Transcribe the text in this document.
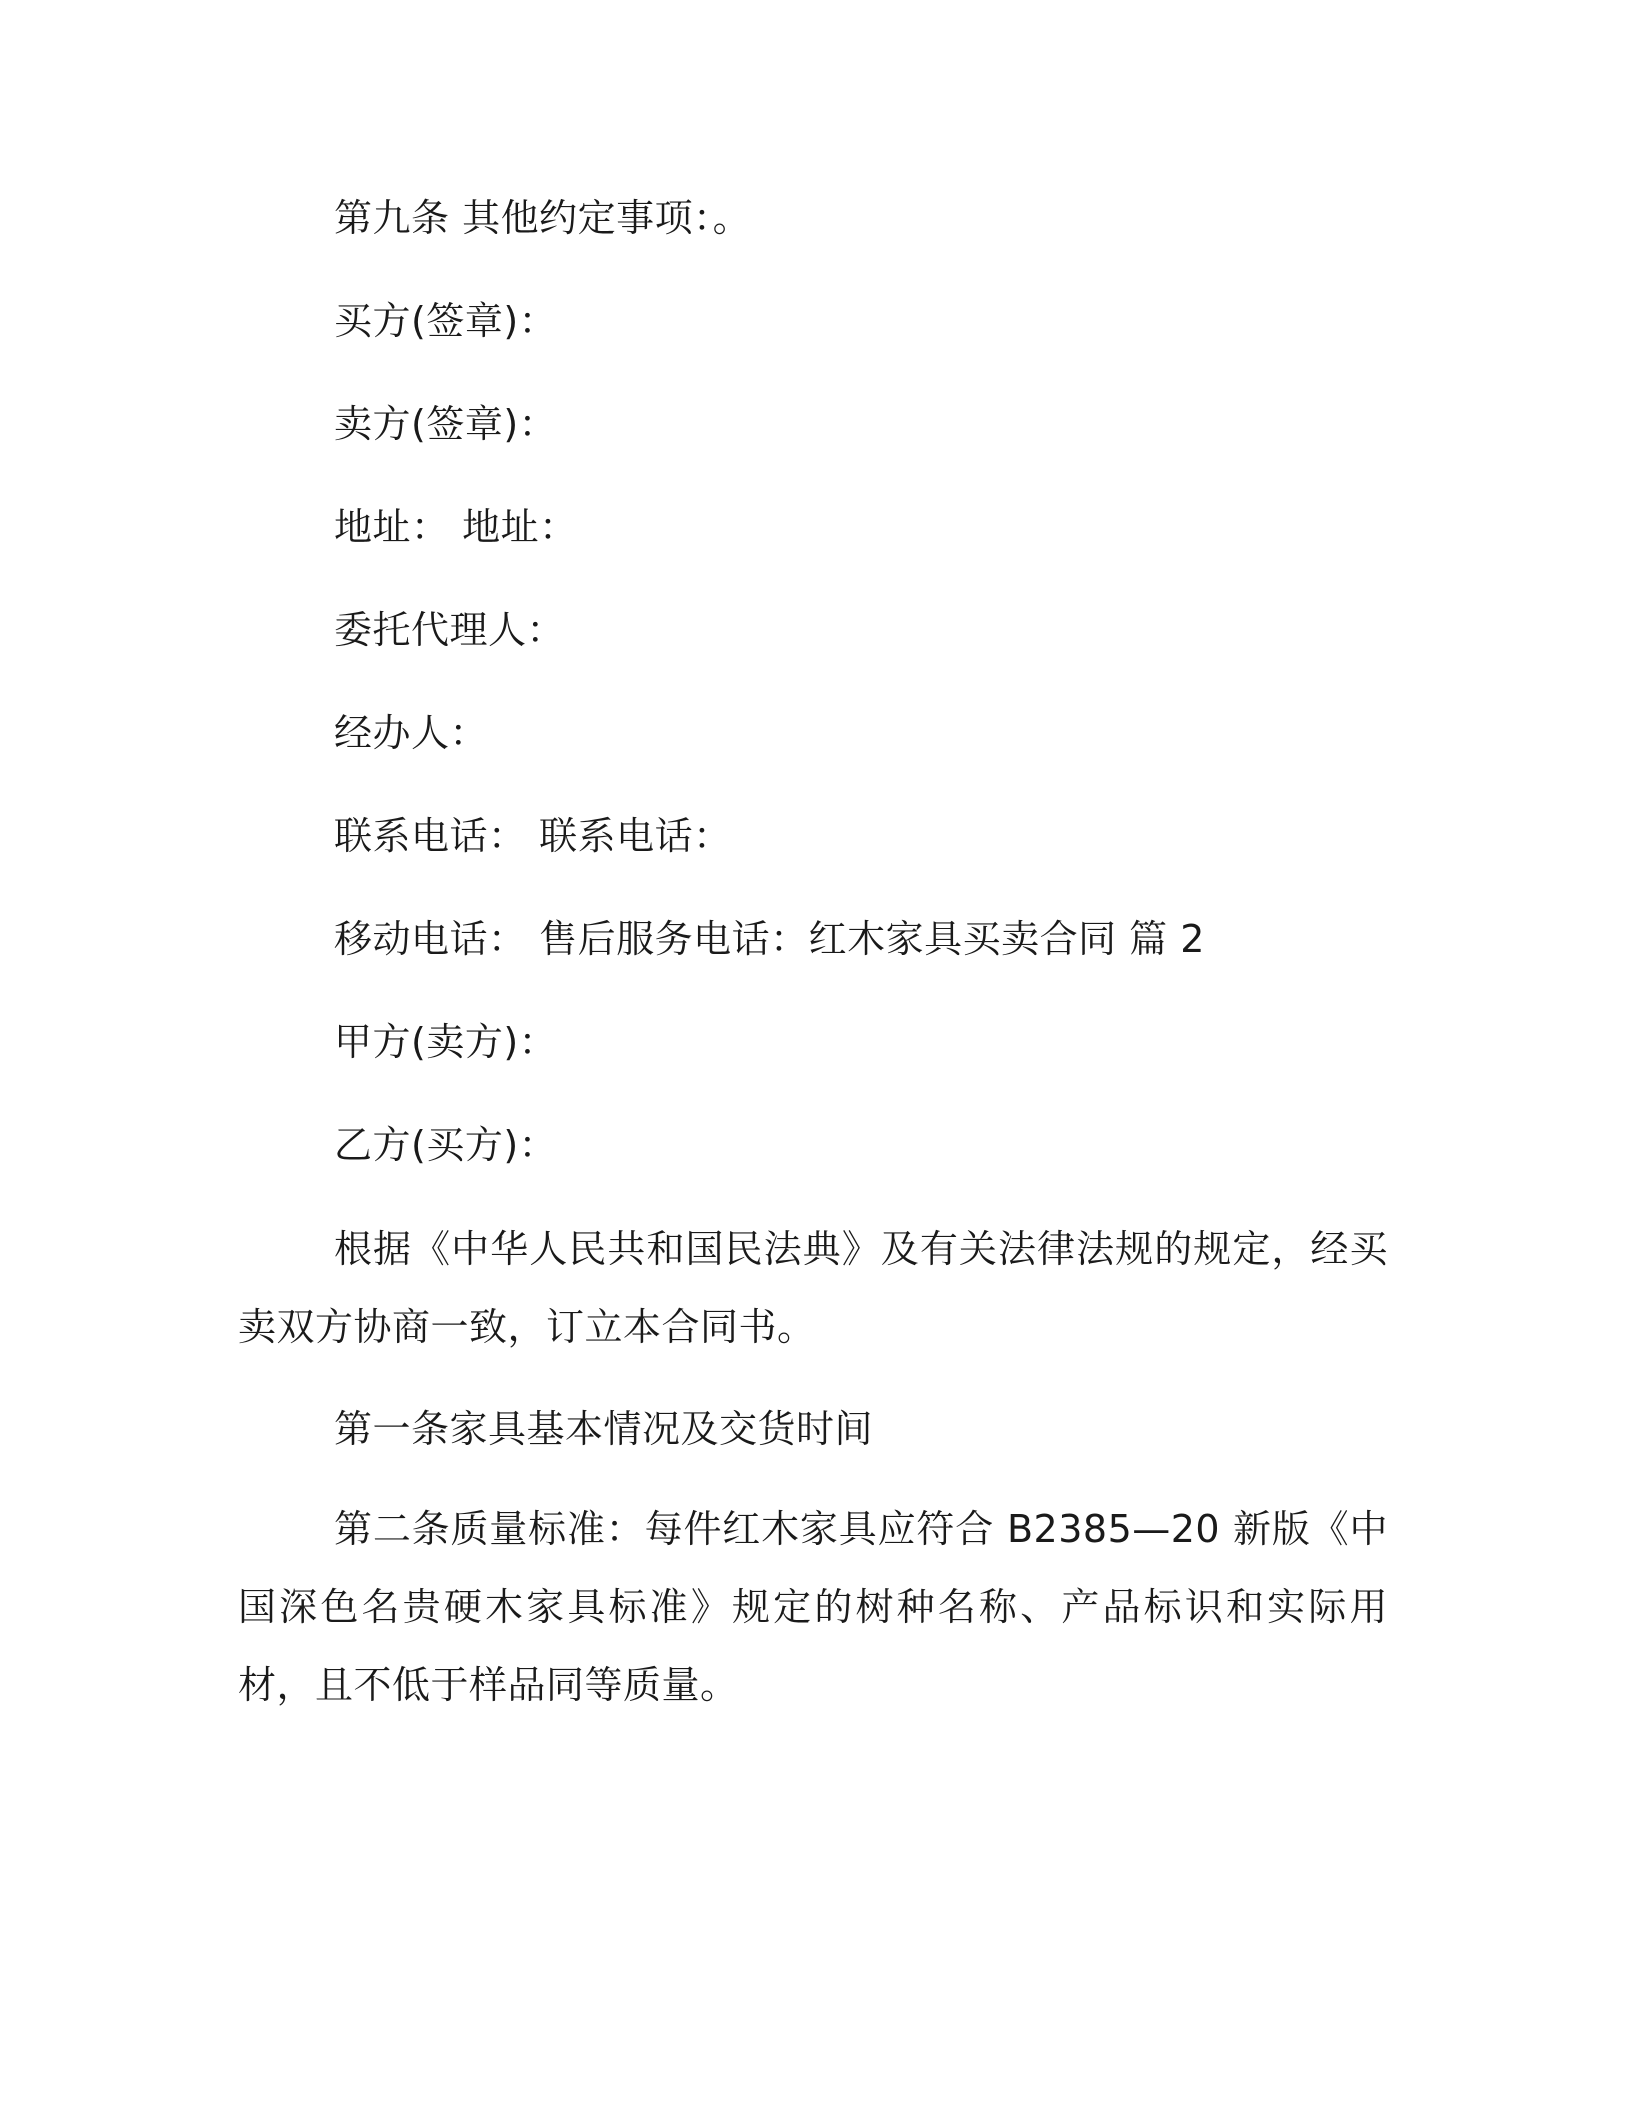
第九条 其他约定事项：。
买方(签章)：
卖方(签章)：
地址： 地址：
委托代理人：
经办人：
联系电话： 联系电话：
移动电话： 售后服务电话：红木家具买卖合同 篇 2
甲方(卖方)：
乙方(买方)：
根据《中华人民共和国民法典》及有关法律法规的规定，经买卖双方协商一致，订立本合同书。
第一条家具基本情况及交货时间
第二条质量标准：每件红木家具应符合 B2385—20 新版《中国深色名贵硬木家具标准》规定的树种名称、产品标识和实际用材，且不低于样品同等质量。
